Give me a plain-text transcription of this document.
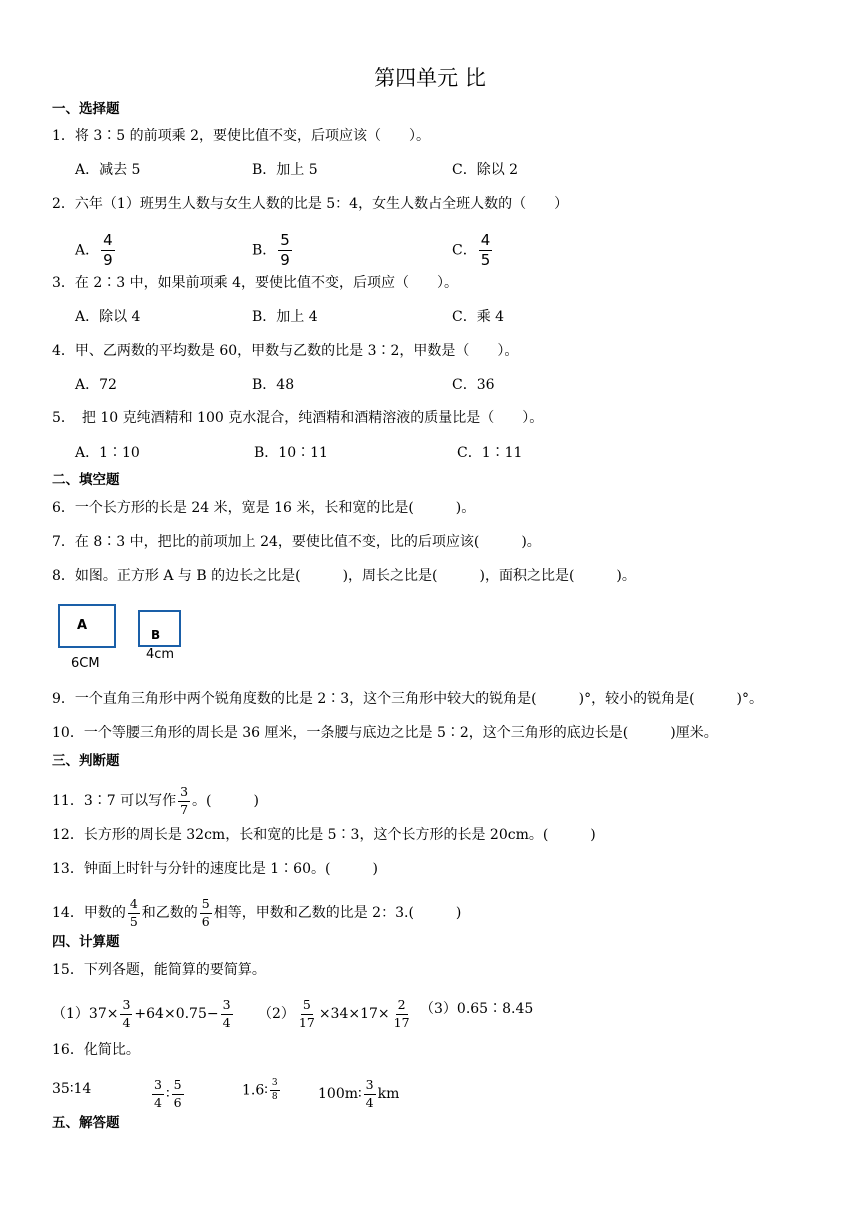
第四单元 比
一、选择题
1．将 3∶5 的前项乘 2，要使比值不变，后项应该（　　）。
A．减去 5	B．加上 5	C．除以 2
2．六年（1）班男生人数与女生人数的比是 5：4，女生人数占全班人数的（　　）
A． $\frac{4}{9}$	B． $\frac{5}{9}$	C． $\frac{4}{5}$
3．在 2∶3 中，如果前项乘 4，要使比值不变，后项应（　　）。
A．除以 4	B．加上 4	C．乘 4
4．甲、乙两数的平均数是 60，甲数与乙数的比是 3∶2，甲数是（　　）。
A．72	B．48	C．36
5．　把 10 克纯酒精和 100 克水混合，纯酒精和酒精溶液的质量比是（　　）。
A．1∶10	B．10∶11	C．1∶11
二、填空题
6．一个长方形的长是 24 米，宽是 16 米，长和宽的比是(　　　)。
7．在 8∶3 中，把比的前项加上 24，要使比值不变，比的后项应该(　　　)。
8．如图。正方形 A 与 B 的边长之比是(　　　)，周长之比是(　　　)，面积之比是(　　　)。
A
B
6CM
4cm
9．一个直角三角形中两个锐角度数的比是 2∶3，这个三角形中较大的锐角是(　　　)°，较小的锐角是(　　　)°。
10．一个等腰三角形的周长是 36 厘米，一条腰与底边之比是 5∶2，这个三角形的底边长是(　　　)厘米。
三、判断题
11．3∶7 可以写作 $\frac{3}{7}$ 。(　　　)
12．长方形的周长是 32cm，长和宽的比是 5∶3，这个长方形的长是 20cm。(　　　)
13．钟面上时针与分针的速度比是 1∶60。(　　　)
14．甲数的 $\frac{4}{5}$ 和乙数的 $\frac{5}{6}$ 相等，甲数和乙数的比是 2：3.(　　　)
四、计算题
15．下列各题，能简算的要简算。
$(1)37\times \frac{3}{4} +64\times 0.75- \frac{3}{4} (2) \frac{5}{17} \times 34\times 17\times \frac{2}{17}$ （3）0.65∶8.45
16．化简比。
35∶14	$\frac{3}{4}$ ∶ $\frac{5}{6}$	1.6∶ $\frac{3}{8}$	100m∶ $\frac{3}{4}$ km
五、解答题
